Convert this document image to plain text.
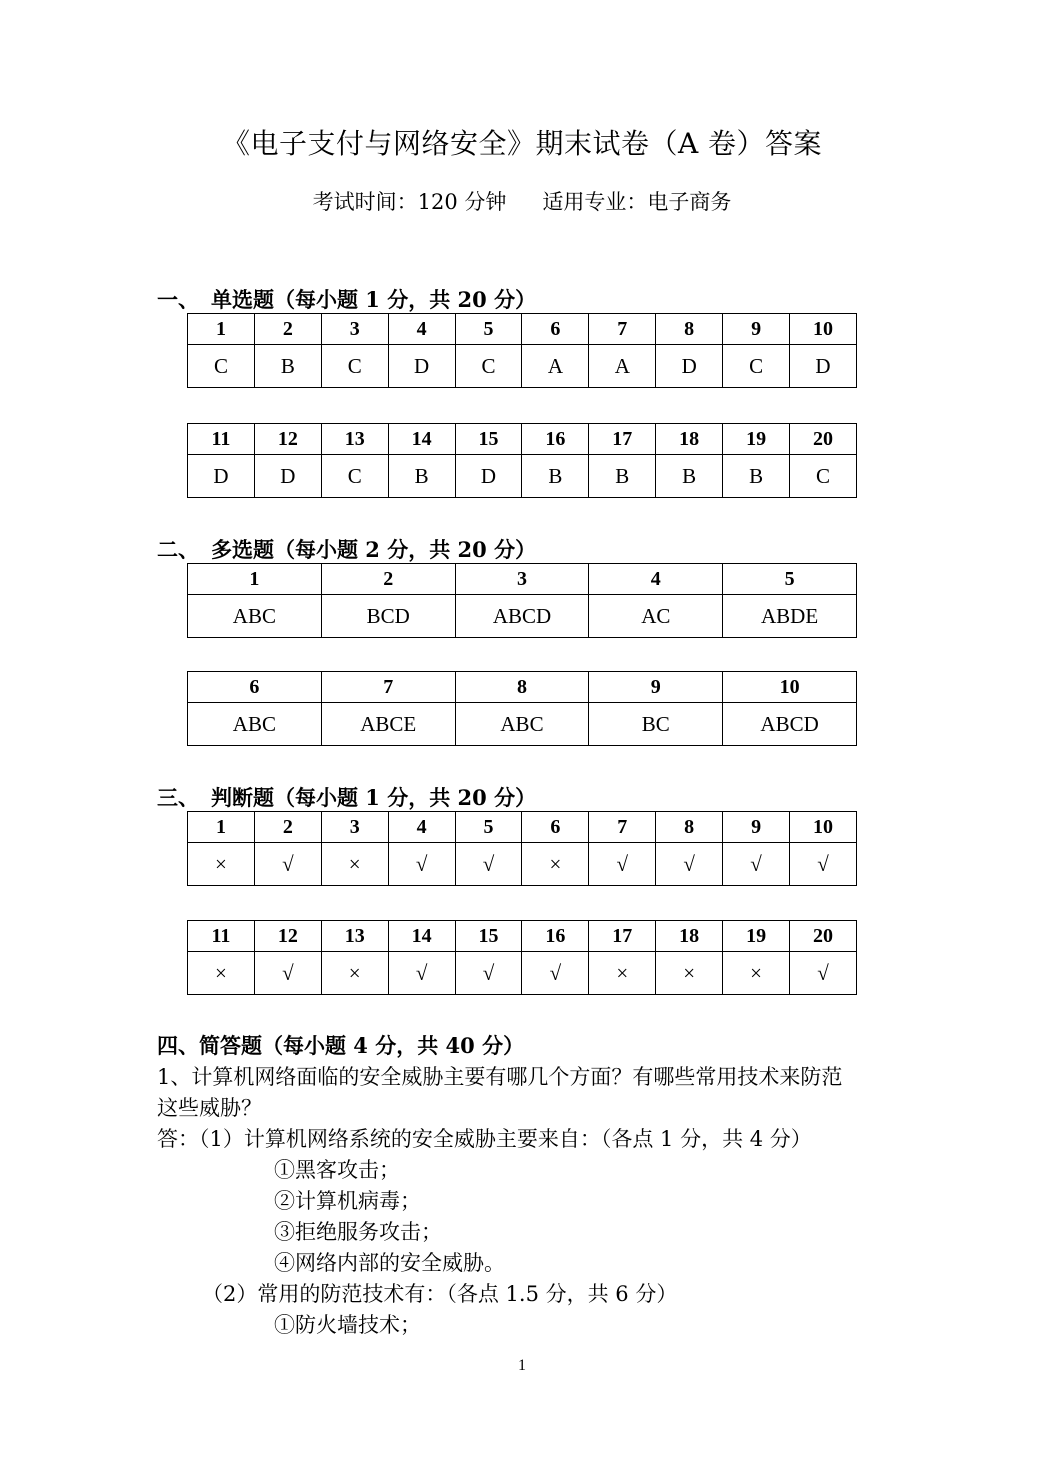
《电子支付与网络安全》期末试卷（A 卷）答案
考试时间：120 分钟 适用专业：电子商务
一、 单选题（每小题 1 分，共 20 分）
1	2	3	4	5	6	7	8	9	10
C	B	C	D	C	A	A	D	C	D
11	12	13	14	15	16	17	18	19	20
D	D	C	B	D	B	B	B	B	C
二、 多选题（每小题 2 分，共 20 分）
1	2	3	4	5
ABC	BCD	ABCD	AC	ABDE
6	7	8	9	10
ABC	ABCE	ABC	BC	ABCD
三、 判断题（每小题 1 分，共 20 分）
1	2	3	4	5	6	7	8	9	10
×	√	×	√	√	×	√	√	√	√
11	12	13	14	15	16	17	18	19	20
×	√	×	√	√	√	×	×	×	√
四、简答题（每小题 4 分，共 40 分）
1、计算机网络面临的安全威胁主要有哪几个方面？有哪些常用技术来防范
这些威胁？
答：（1）计算机网络系统的安全威胁主要来自：（各点 1 分，共 4 分）
①黑客攻击；
②计算机病毒；
③拒绝服务攻击；
④网络内部的安全威胁。
（2）常用的防范技术有：（各点 1.5 分，共 6 分）
①防火墙技术；
1
